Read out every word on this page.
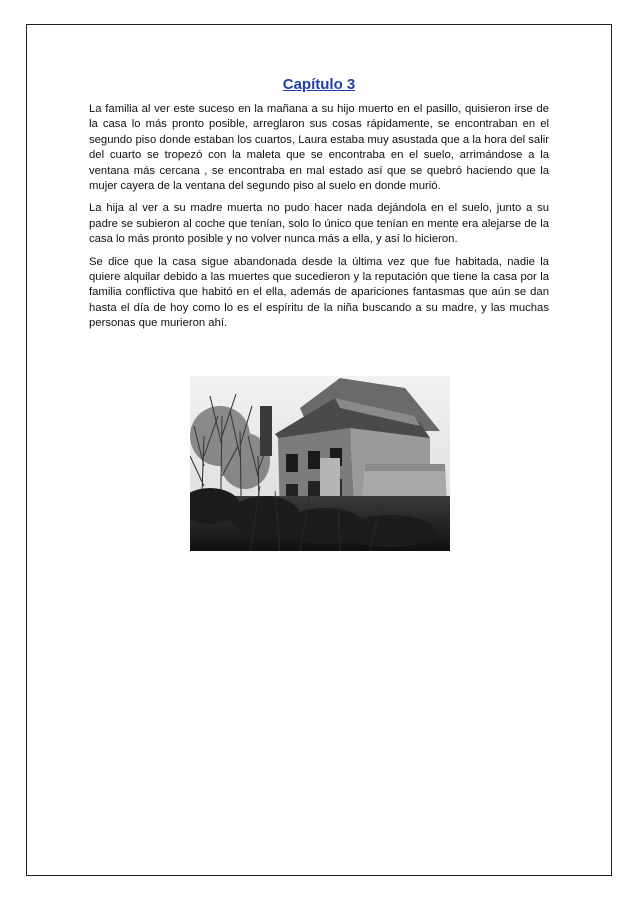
Capítulo 3

La familia al ver este suceso en la mañana a su hijo muerto en el pasillo, quisieron irse de la casa lo más pronto posible, arreglaron sus cosas rápidamente, se encontraban en el segundo piso donde estaban los cuartos, Laura estaba muy asustada que a la hora del salir del cuarto se tropezó con la maleta que se encontraba en el suelo, arrimándose a la ventana más cercana , se encontraba en mal estado así que se quebró haciendo que la mujer cayera de la ventana del segundo piso al suelo en donde murió.

La hija al ver a su madre muerta no pudo hacer nada dejándola en el suelo, junto a su padre se subieron al coche que tenían, solo lo único que tenían en mente era alejarse de la casa lo más pronto posible y no volver nunca más a ella, y así lo hicieron.

Se dice que la casa sigue abandonada desde la última vez que fue habitada, nadie la quiere alquilar debido a las muertes que sucedieron y la reputación que tiene la casa por la familia conflictiva que habitó en el ella, además de apariciones fantasmas que aún se dan hasta el día de hoy como lo es el espíritu de la niña buscando a su madre, y las muchas personas que murieron ahí.
